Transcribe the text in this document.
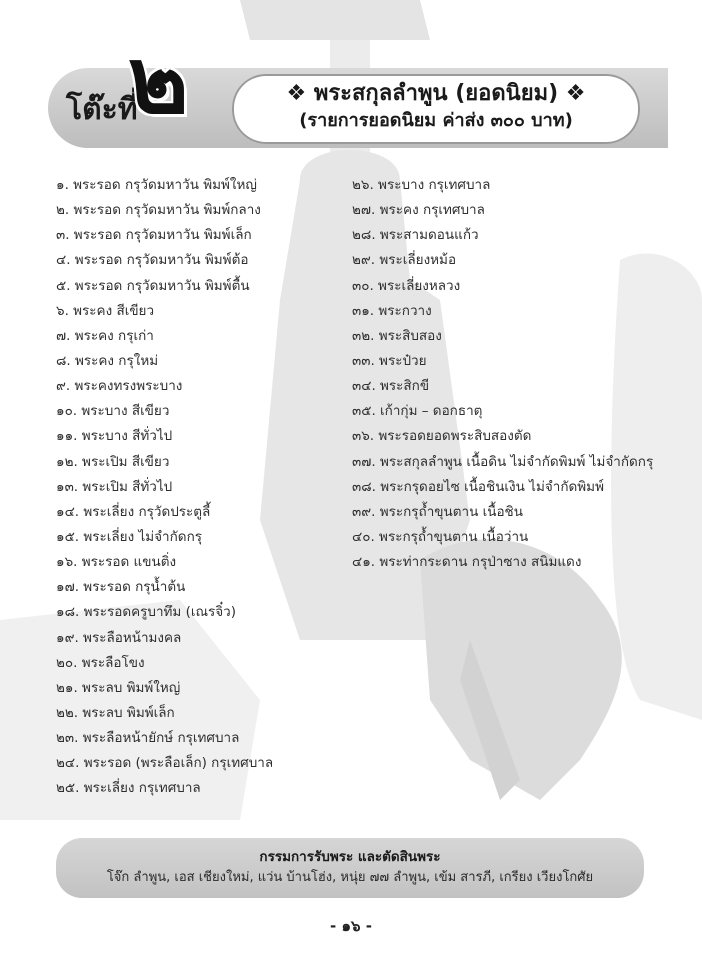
โต๊ะที่
๒	❖ พระสกุลลำพูน (ยอดนิยม) ❖
(รายการยอดนิยม ค่าส่ง ๓๐๐ บาท)
๑. พระรอด กรุวัดมหาวัน พิมพ์ใหญ่
๒. พระรอด กรุวัดมหาวัน พิมพ์กลาง
๓. พระรอด กรุวัดมหาวัน พิมพ์เล็ก
๔. พระรอด กรุวัดมหาวัน พิมพ์ต้อ
๕. พระรอด กรุวัดมหาวัน พิมพ์ตื้น
๖. พระคง สีเขียว
๗. พระคง กรุเก่า
๘. พระคง กรุใหม่
๙. พระคงทรงพระบาง
๑๐. พระบาง สีเขียว
๑๑. พระบาง สีทั่วไป
๑๒. พระเปิม สีเขียว
๑๓. พระเปิม สีทั่วไป
๑๔. พระเลี่ยง กรุวัดประตูลี้
๑๕. พระเลี่ยง ไม่จำกัดกรุ
๑๖. พระรอด แขนติ่ง
๑๗. พระรอด กรุน้ำต้น
๑๘. พระรอดครูบาทึม (เณรจิ๋ว)
๑๙. พระลือหน้ามงคล
๒๐. พระลือโขง
๒๑. พระลบ พิมพ์ใหญ่
๒๒. พระลบ พิมพ์เล็ก
๒๓. พระลือหน้ายักษ์ กรุเทศบาล
๒๔. พระรอด (พระลือเล็ก) กรุเทศบาล
๒๕. พระเลี่ยง กรุเทศบาล
๒๖. พระบาง กรุเทศบาล
๒๗. พระคง กรุเทศบาล
๒๘. พระสามดอนแก้ว
๒๙. พระเลี่ยงหม้อ
๓๐. พระเลี่ยงหลวง
๓๑. พระกวาง
๓๒. พระสิบสอง
๓๓. พระป๋วย
๓๔. พระสิกขี
๓๕. เก้ากุ่ม – ดอกธาตุ
๓๖. พระรอดยอดพระสิบสองตัด
๓๗. พระสกุลลำพูน เนื้อดิน ไม่จำกัดพิมพ์ ไม่จำกัดกรุ
๓๘. พระกรุดอยไซ เนื้อชินเงิน ไม่จำกัดพิมพ์
๓๙. พระกรุถ้ำขุนตาน เนื้อชิน
๔๐. พระกรุถ้ำขุนตาน เนื้อว่าน
๔๑. พระท่ากระดาน กรุป่าซาง สนิมแดง
กรรมการรับพระ และตัดสินพระ
โจ๊ก ลำพูน, เอส เชียงใหม่, แว่น บ้านโฮ่ง, หนุ่ย ๗๗ ลำพูน, เข้ม สารภี, เกรียง เวียงโกศัย
- ๑๖ -
